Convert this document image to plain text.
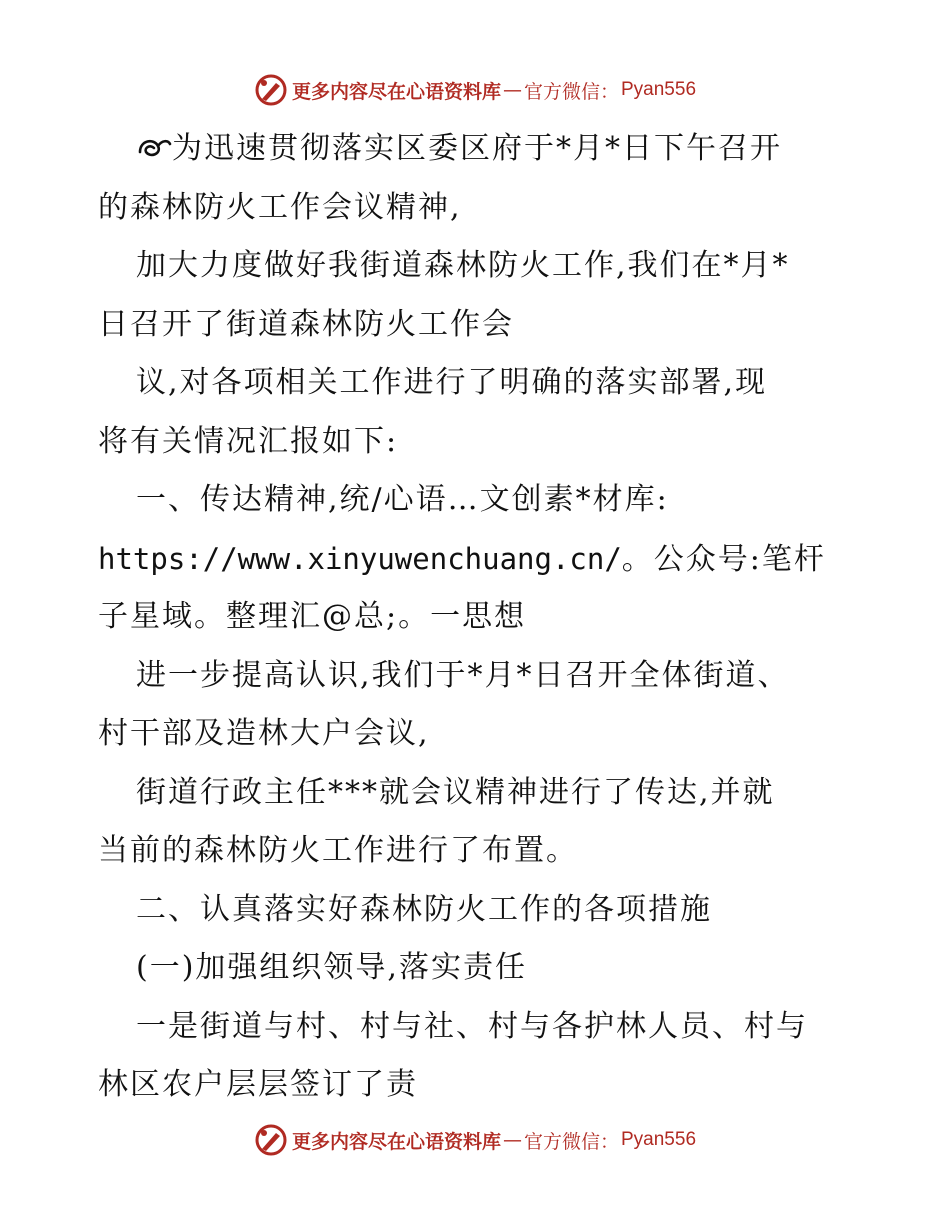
更多内容尽在心语资料库 — 官方微信： Pyan556
为迅速贯彻落实区委区府于*月*日下午召开
的森林防火工作会议精神,
加大力度做好我街道森林防火工作,我们在*月*
日召开了街道森林防火工作会
议,对各项相关工作进行了明确的落实部署,现
将有关情况汇报如下:
一、传达精神,统/心语…文创素*材库:
https://www.xinyuwenchuang.cn/。公众号:笔杆
子星域。整理汇@总;。一思想
进一步提高认识,我们于*月*日召开全体街道、
村干部及造林大户会议,
街道行政主任***就会议精神进行了传达,并就
当前的森林防火工作进行了布置。
二、认真落实好森林防火工作的各项措施
(一)加强组织领导,落实责任
一是街道与村、村与社、村与各护林人员、村与
林区农户层层签订了责
更多内容尽在心语资料库 — 官方微信： Pyan556
